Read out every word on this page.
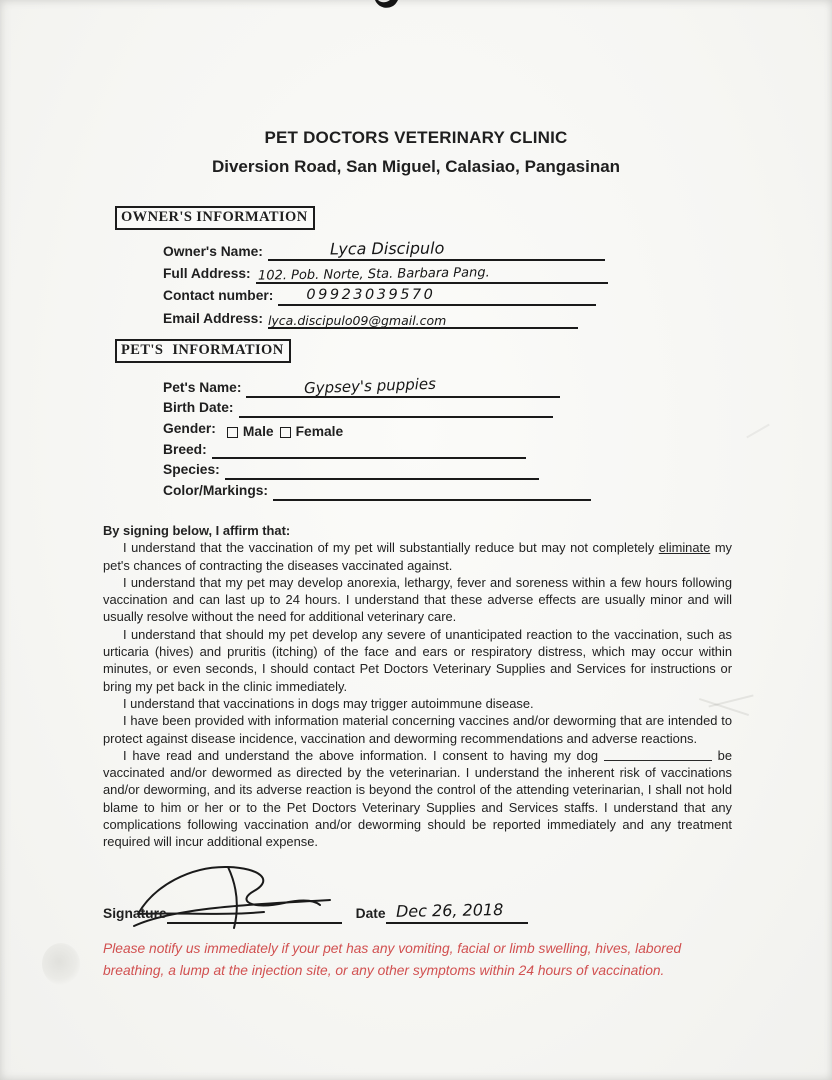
PET DOCTORS VETERINARY CLINIC
Diversion Road, San Miguel, Calasiao, Pangasinan
OWNER'S INFORMATION
Owner's Name:	Lyca Discipulo
Full Address: 102. Pob. Norte, Sta. Barbara Pang.
Contact number:	09923039570
Email Address: lyca.discipulo09@gmail.com
PET'S INFORMATION
Pet's Name:	Gypsey's puppies
Birth Date:
Gender:	Male Female
Breed:
Species:
Color/Markings:
By signing below, I affirm that:

I understand that the vaccination of my pet will substantially reduce but may not completely eliminate my pet's chances of contracting the diseases vaccinated against.

I understand that my pet may develop anorexia, lethargy, fever and soreness within a few hours following vaccination and can last up to 24 hours. I understand that these adverse effects are usually minor and will usually resolve without the need for additional veterinary care.

I understand that should my pet develop any severe of unanticipated reaction to the vaccination, such as urticaria (hives) and pruritis (itching) of the face and ears or respiratory distress, which may occur within minutes, or even seconds, I should contact Pet Doctors Veterinary Supplies and Services for instructions or bring my pet back in the clinic immediately.

I understand that vaccinations in dogs may trigger autoimmune disease.

I have been provided with information material concerning vaccines and/or deworming that are intended to protect against disease incidence, vaccination and deworming recommendations and adverse reactions.

I have read and understand the above information. I consent to having my dog	be vaccinated and/or dewormed as directed by the veterinarian. I understand the inherent risk of vaccinations and/or deworming, and its adverse reaction is beyond the control of the attending veterinarian, I shall not hold blame to him or her or to the Pet Doctors Veterinary Supplies and Services staffs. I understand that any complications following vaccination and/or deworming should be reported immediately and any treatment required will incur additional expense.

Signature	Date Dec 26, 2018
Please notify us immediately if your pet has any vomiting, facial or limb swelling, hives, labored breathing, a lump at the injection site, or any other symptoms within 24 hours of vaccination.
